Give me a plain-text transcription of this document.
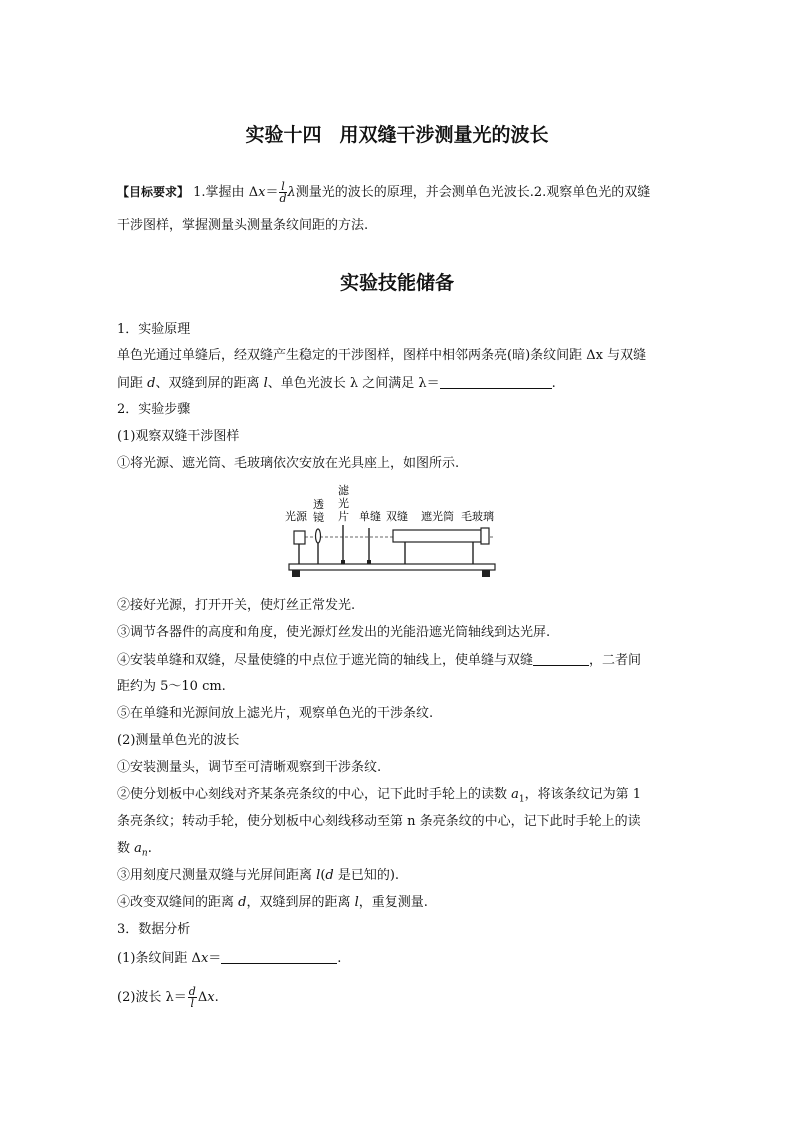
实验十四 用双缝干涉测量光的波长
【目标要求】 1.掌握由 $\Delta x= \frac{l}{d}$ λ测量光的波长的原理，并会测单色光波长.2.观察单色光的双缝
干涉图样，掌握测量头测量条纹间距的方法.
实验技能储备
1．实验原理
单色光通过单缝后，经双缝产生稳定的干涉图样，图样中相邻两条亮(暗)条纹间距 Δx 与双缝
间距 d、双缝到屏的距离 l、单色光波长 λ 之间满足 λ＝	.
2．实验步骤
(1)观察双缝干涉图样
①将光源、遮光筒、毛玻璃依次安放在光具座上，如图所示.
光源
透
镜
滤
光
片 单缝 双缝 遮光筒 毛玻璃
②接好光源，打开开关，使灯丝正常发光.
③调节各器件的高度和角度，使光源灯丝发出的光能沿遮光筒轴线到达光屏.
④安装单缝和双缝，尽量使缝的中点位于遮光筒的轴线上，使单缝与双缝	，二者间
距约为 5～10 cm.
⑤在单缝和光源间放上滤光片，观察单色光的干涉条纹.
(2)测量单色光的波长
①安装测量头，调节至可清晰观察到干涉条纹.
②使分划板中心刻线对齐某条亮条纹的中心，记下此时手轮上的读数 $a_1$，将该条纹记为第 1
条亮条纹；转动手轮，使分划板中心刻线移动至第 n 条亮条纹的中心，记下此时手轮上的读
数 $a_n$.
③用刻度尺测量双缝与光屏间距离 l(d 是已知的).
④改变双缝间的距离 d，双缝到屏的距离 l，重复测量.
3．数据分析
(1)条纹间距 Δx＝	.
(2)波长 $\lambda= \frac{d}{l} \Delta x$.
